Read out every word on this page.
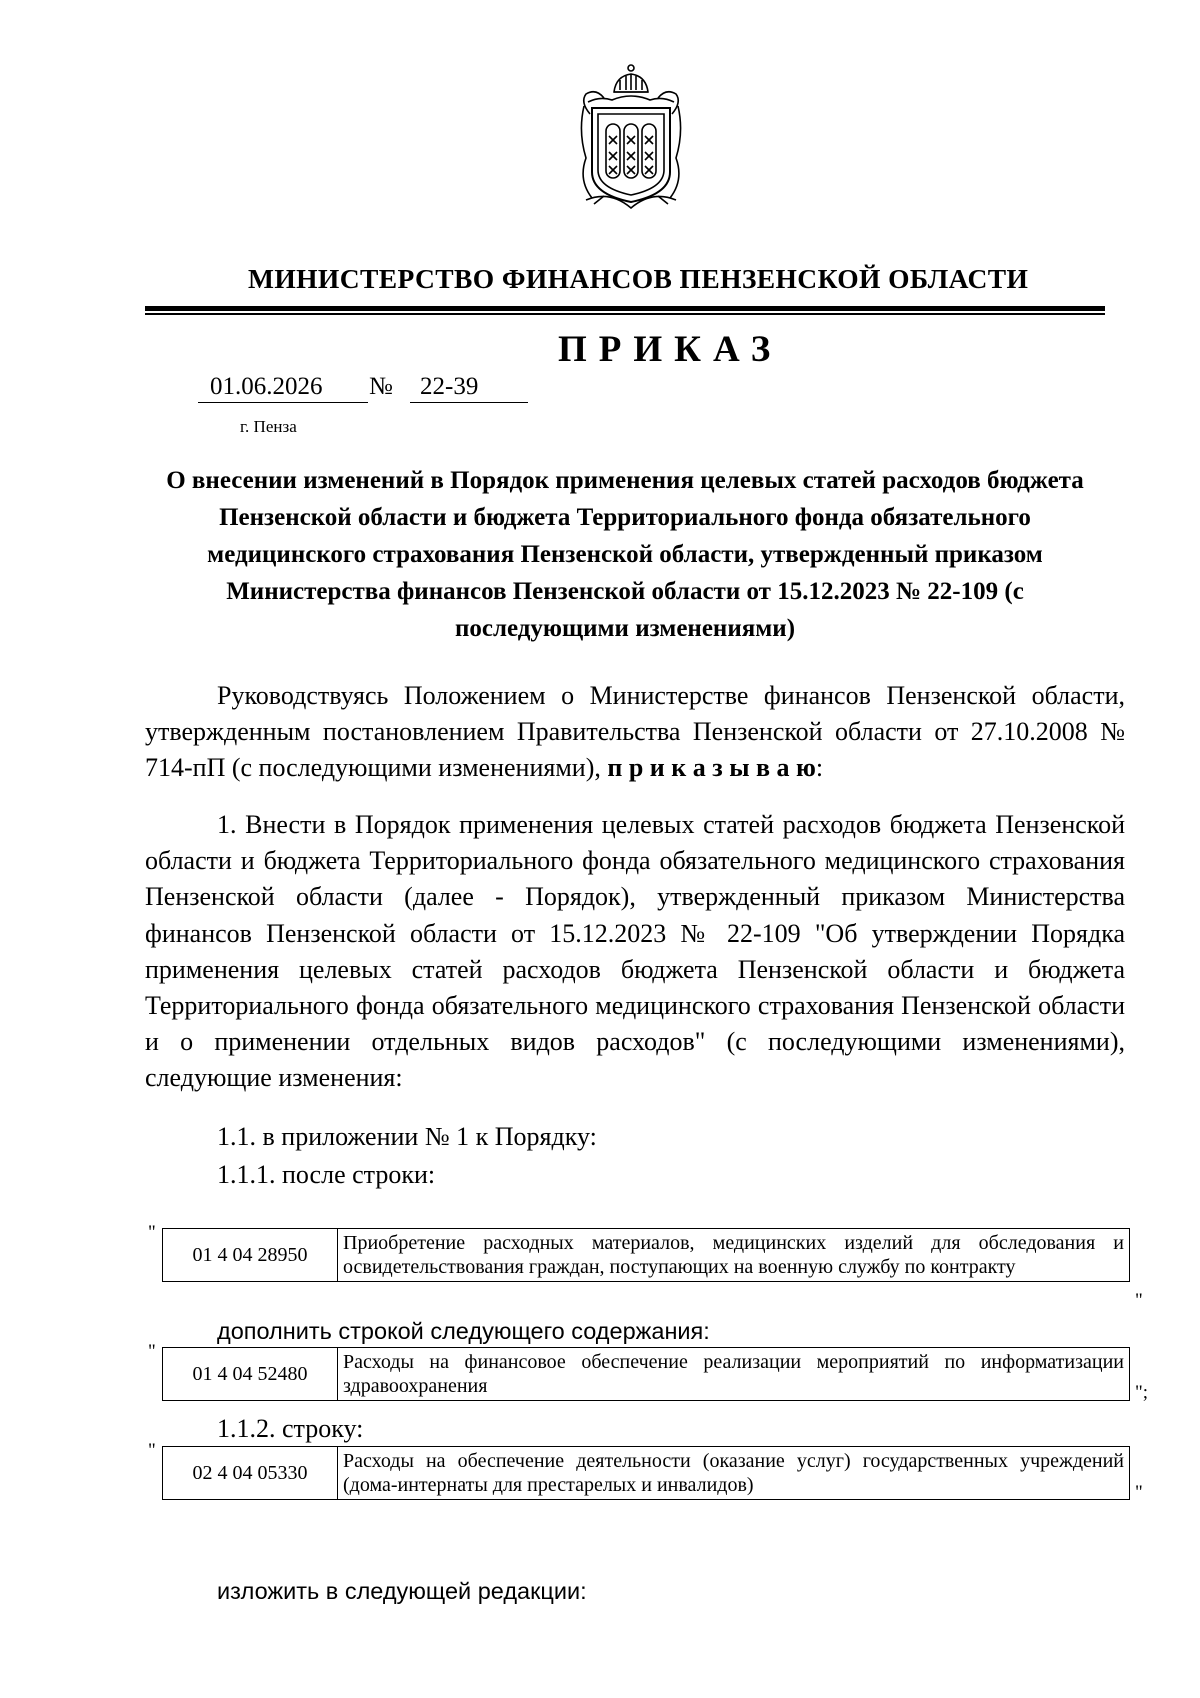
МИНИСТЕРСТВО ФИНАНСОВ ПЕНЗЕНСКОЙ ОБЛАСТИ
ПРИКАЗ
01.06.2026	№	22-39
г. Пенза
О внесении изменений в Порядок применения целевых статей расходов бюджета Пензенской области и бюджета Территориального фонда обязательного медицинского страхования Пензенской области, утвержденный приказом Министерства финансов Пензенской области от 15.12.2023 № 22-109 (с последующими изменениями)
Руководствуясь Положением о Министерстве финансов Пензенской области, утвержденным постановлением Правительства Пензенской области от 27.10.2008 № 714-пП (с последующими изменениями), п р и к а з ы в а ю:
1. Внести в Порядок применения целевых статей расходов бюджета Пензенской области и бюджета Территориального фонда обязательного медицинского страхования Пензенской области (далее - Порядок), утвержденный приказом Министерства финансов Пензенской области от 15.12.2023 № 22-109 "Об утверждении Порядка применения целевых статей расходов бюджета Пензенской области и бюджета Территориального фонда обязательного медицинского страхования Пензенской области и о применении отдельных видов расходов" (с последующими изменениями), следующие изменения:
1.1. в приложении № 1 к Порядку:
1.1.1. после строки:
"
01 4 04 28950	Приобретение расходных материалов, медицинских изделий для обследования и освидетельствования граждан, поступающих на военную службу по контракту
"
дополнить строкой следующего содержания:
"
01 4 04 52480	Расходы на финансовое обеспечение реализации мероприятий по информатизации здравоохранения	";
1.1.2. строку:
"
02 4 04 05330	Расходы на обеспечение деятельности (оказание услуг) государственных учреждений (дома-интернаты для престарелых и инвалидов)	"
изложить в следующей редакции:
